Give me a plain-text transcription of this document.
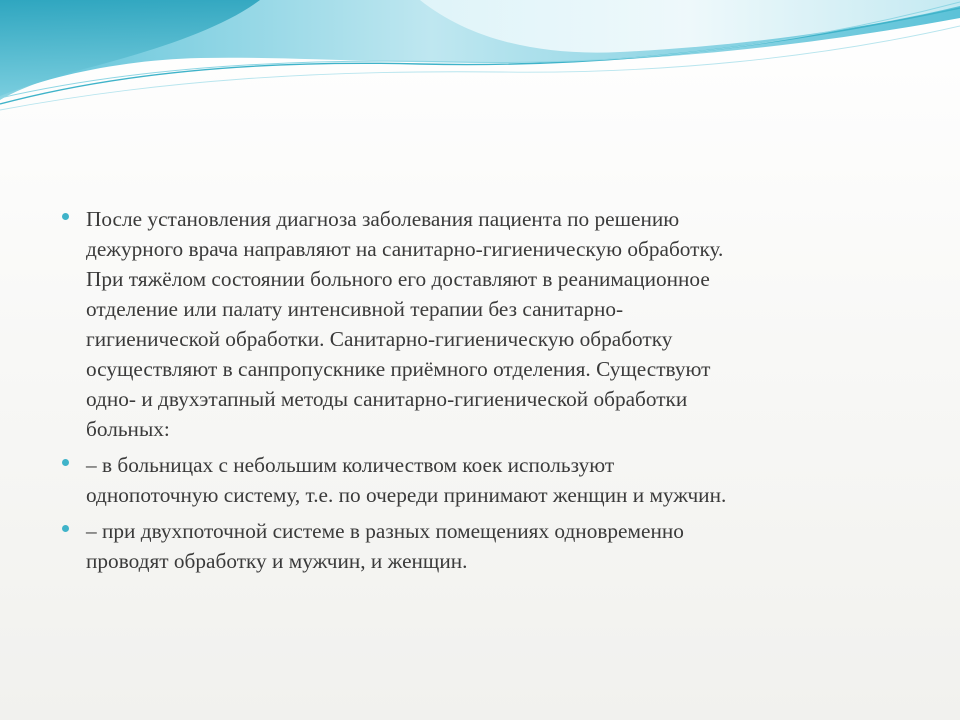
После установления диагноза заболевания пациента по решению
дежурного врача направляют на санитарно-гигиеническую обработку.
При тяжёлом состоянии больного его доставляют в реанимационное
отделение или палату интенсивной терапии без санитарно-
гигиенической обработки. Санитарно-гигиеническую обработку
осуществляют в санпропускнике приёмного отделения. Существуют
одно- и двухэтапный методы санитарно-гигиенической обработки
больных:
– в больницах с небольшим количеством коек используют
однопоточную систему, т.е. по очереди принимают женщин и мужчин.
– при двухпоточной системе в разных помещениях одновременно
проводят обработку и мужчин, и женщин.
